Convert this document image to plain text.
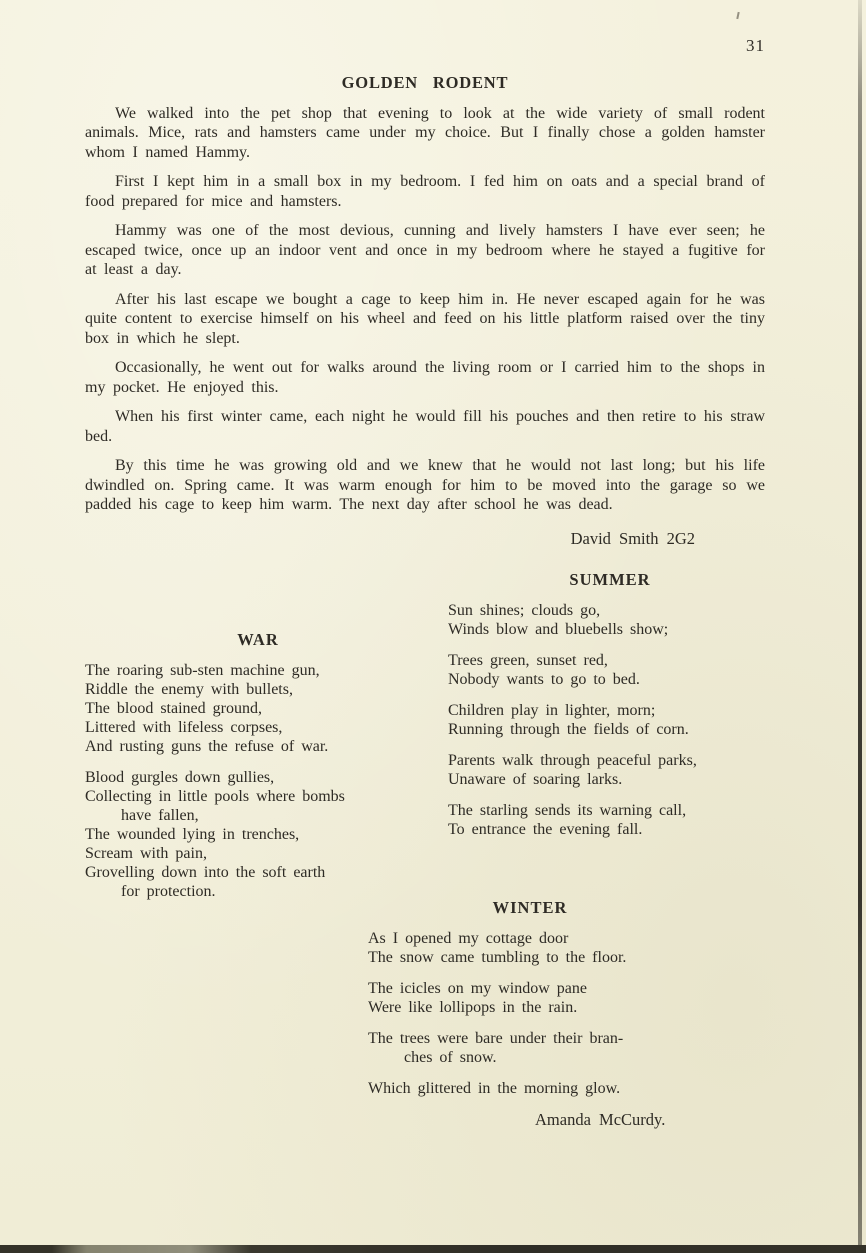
31
GOLDEN RODENT

We walked into the pet shop that evening to look at the wide variety of small rodent animals. Mice, rats and hamsters came under my choice. But I finally chose a golden hamster whom I named Hammy.

First I kept him in a small box in my bedroom. I fed him on oats and a special brand of food prepared for mice and hamsters.

Hammy was one of the most devious, cunning and lively hamsters I have ever seen; he escaped twice, once up an indoor vent and once in my bedroom where he stayed a fugitive for at least a day.

After his last escape we bought a cage to keep him in. He never escaped again for he was quite content to exercise himself on his wheel and feed on his little platform raised over the tiny box in which he slept.

Occasionally, he went out for walks around the living room or I carried him to the shops in my pocket. He enjoyed this.

When his first winter came, each night he would fill his pouches and then retire to his straw bed.

By this time he was growing old and we knew that he would not last long; but his life dwindled on. Spring came. It was warm enough for him to be moved into the garage so we padded his cage to keep him warm. The next day after school he was dead.

David Smith 2G2
WAR
The roaring sub-sten machine gun,
Riddle the enemy with bullets,
The blood stained ground,
Littered with lifeless corpses,
And rusting guns the refuse of war.
Blood gurgles down gullies,
Collecting in little pools where bombs
have fallen,
The wounded lying in trenches,
Scream with pain,
Grovelling down into the soft earth
for protection.
SUMMER
Sun shines; clouds go,
Winds blow and bluebells show;
Trees green, sunset red,
Nobody wants to go to bed.
Children play in lighter, morn;
Running through the fields of corn.
Parents walk through peaceful parks,
Unaware of soaring larks.
The starling sends its warning call,
To entrance the evening fall.
WINTER
As I opened my cottage door
The snow came tumbling to the floor.
The icicles on my window pane
Were like lollipops in the rain.
The trees were bare under their bran-
ches of snow.
Which glittered in the morning glow.
Amanda McCurdy.
